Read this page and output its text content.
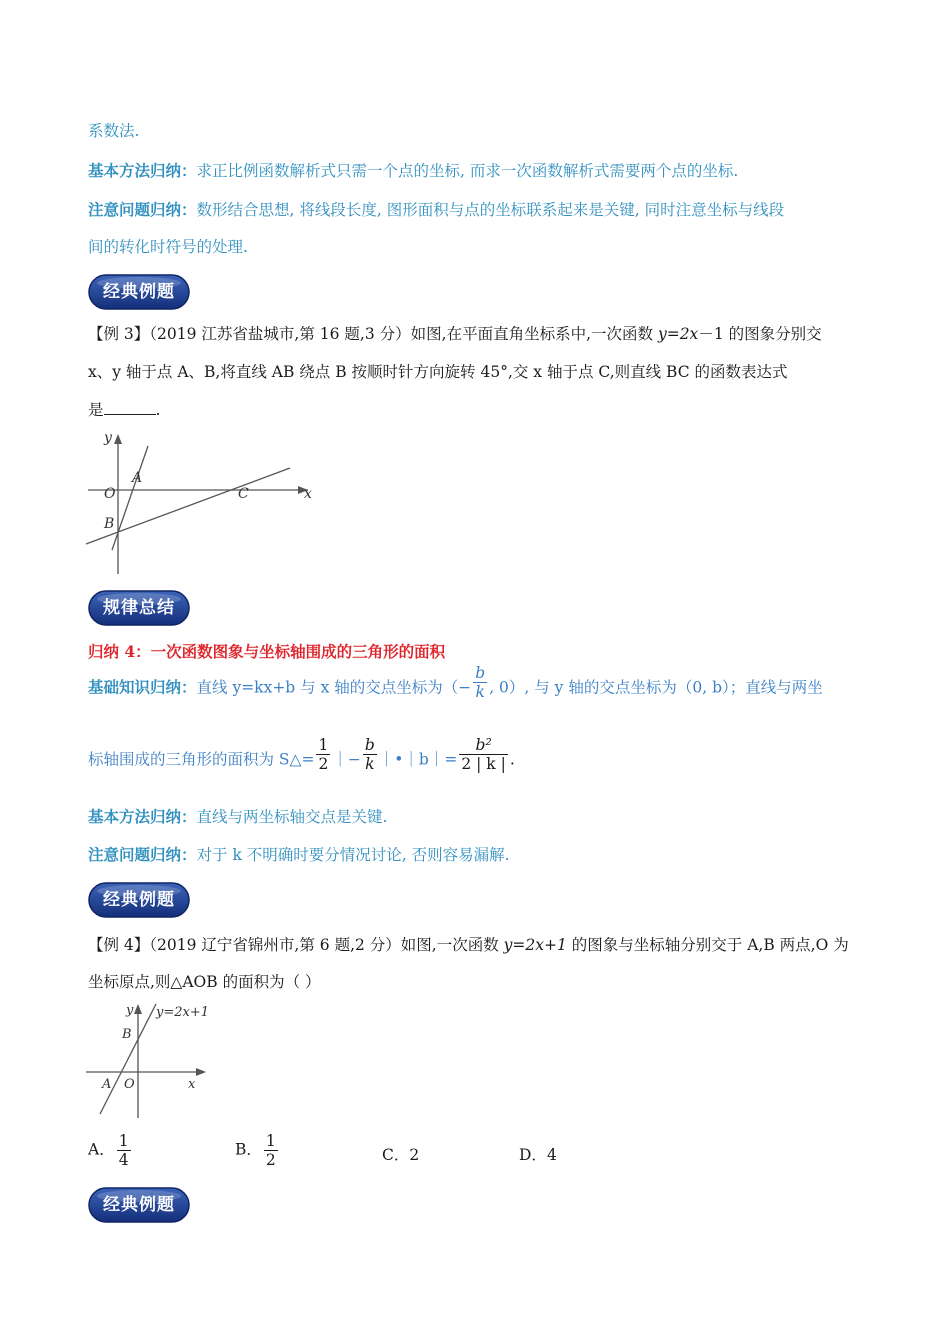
系数法.
基本方法归纳：求正比例函数解析式只需一个点的坐标, 而求一次函数解析式需要两个点的坐标.
注意问题归纳：数形结合思想, 将线段长度, 图形面积与点的坐标联系起来是关键, 同时注意坐标与线段
间的转化时符号的处理.
经典例题
【例 3】（2019 江苏省盐城市,第 16 题,3 分）如图,在平面直角坐标系中,一次函数 y=2x－1 的图象分别交
x、y 轴于点 A、B,将直线 AB 绕点 B 按顺时针方向旋转 45°,交 x 轴于点 C,则直线 BC 的函数表达式
是	.
y
x
O
A
B
C
规律总结
归纳 4：一次函数图象与坐标轴围成的三角形的面积
基础知识归纳：直线 y=kx+b 与 x 轴的交点坐标为（− $\frac{b}{k}$ , 0）, 与 y 轴的交点坐标为（0, b）；直线与两坐
标轴围成的三角形的面积为 S△= $\frac{1}{2}$ ｜− $\frac{b}{k}$ ｜•｜b｜= $\frac{\text{b²}}{2 | k |}$ .
基本方法归纳：直线与两坐标轴交点是关键.
注意问题归纳：对于 k 不明确时要分情况讨论, 否则容易漏解.
经典例题
【例 4】（2019 辽宁省锦州市,第 6 题,2 分）如图,一次函数 y=2x+1 的图象与坐标轴分别交于 A,B 两点,O 为
坐标原点,则△AOB 的面积为（ ）
y y=2x+1
B
A O	x
A． $\frac{1}{4}$	B． $\frac{1}{2}$	C．2	D．4
经典例题
